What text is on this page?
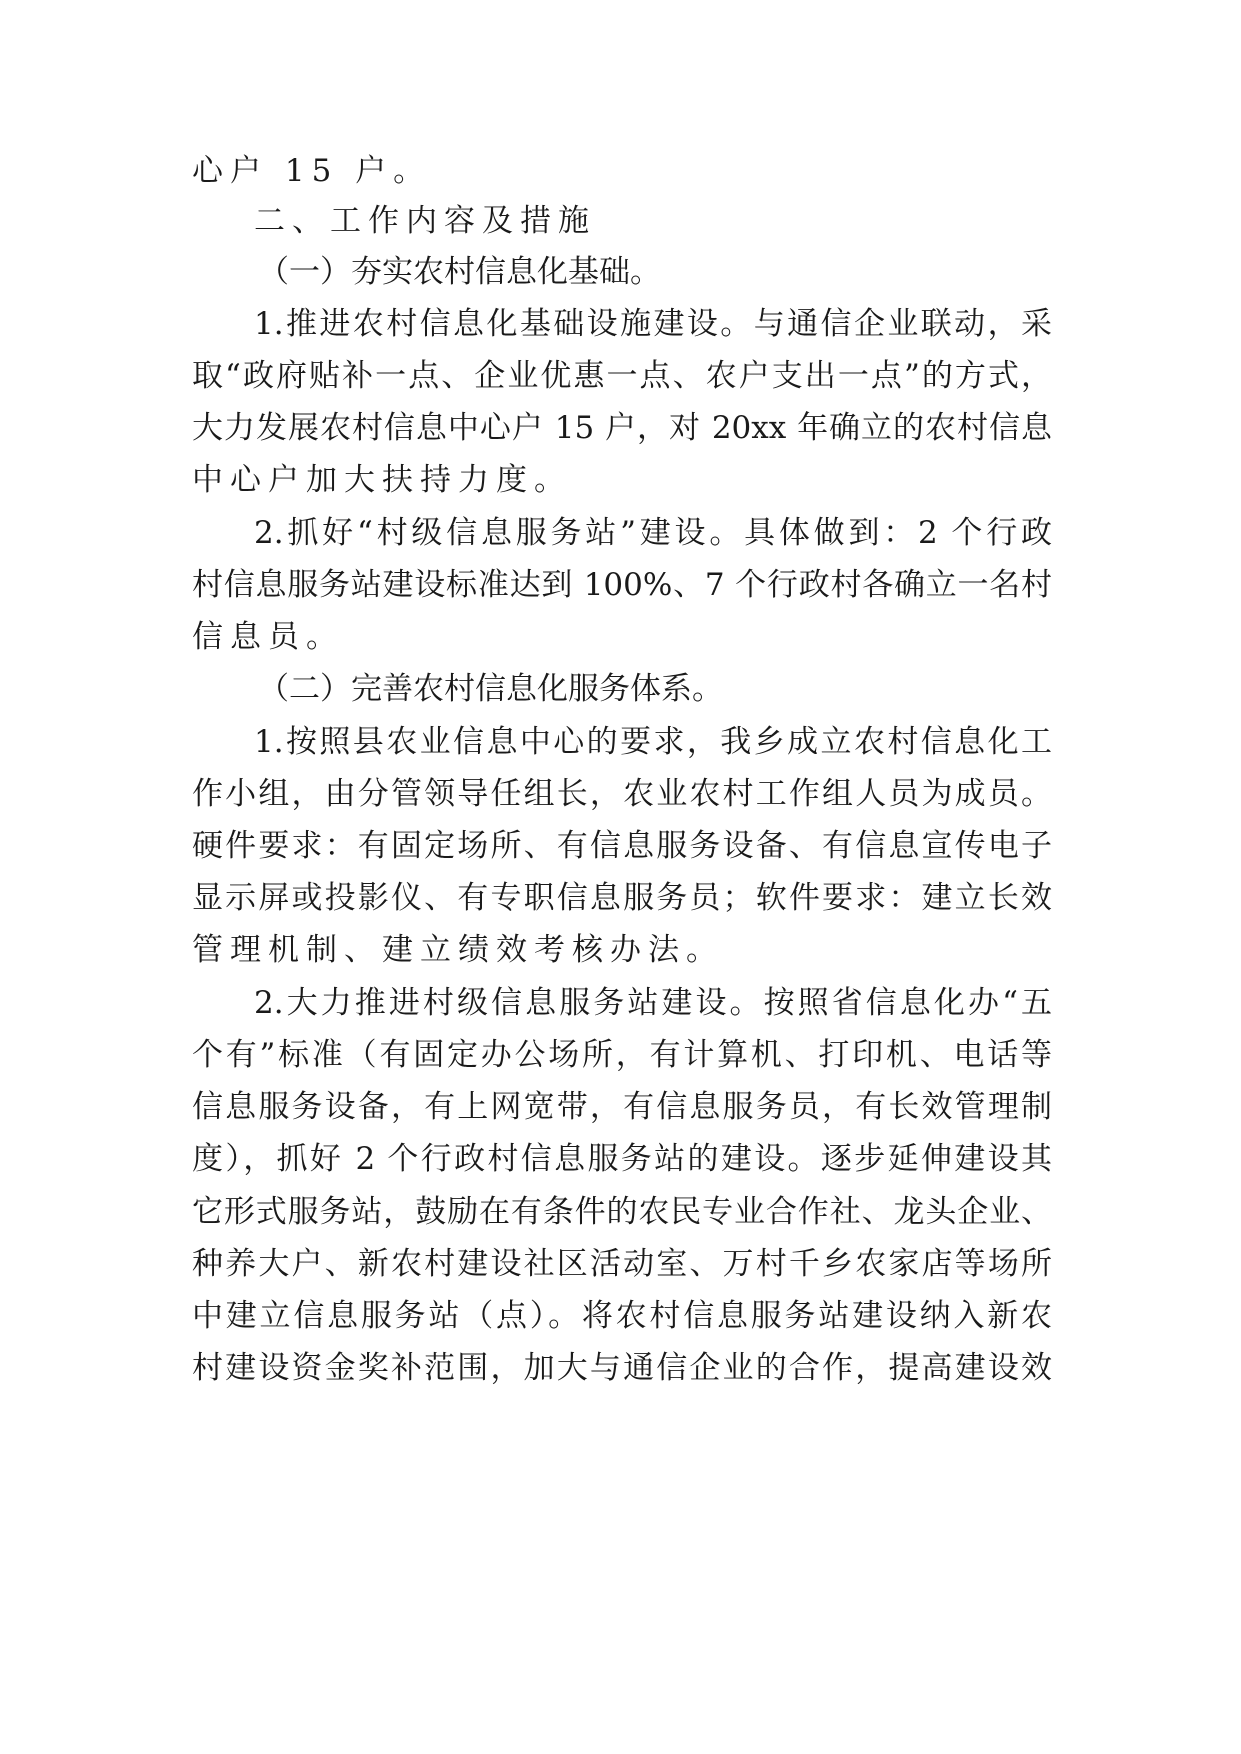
心户 15 户。
二、工作内容及措施
（一）夯实农村信息化基础。
1.推进农村信息化基础设施建设。与通信企业联动，采
取“政府贴补一点、企业优惠一点、农户支出一点”的方式，
大力发展农村信息中心户 15 户，对 20xx 年确立的农村信息
中心户加大扶持力度。
2.抓好“村级信息服务站”建设。具体做到：2 个行政
村信息服务站建设标准达到 100%、7 个行政村各确立一名村
信息员。
（二）完善农村信息化服务体系。
1.按照县农业信息中心的要求，我乡成立农村信息化工
作小组，由分管领导任组长，农业农村工作组人员为成员。
硬件要求：有固定场所、有信息服务设备、有信息宣传电子
显示屏或投影仪、有专职信息服务员；软件要求：建立长效
管理机制、建立绩效考核办法。
2.大力推进村级信息服务站建设。按照省信息化办“五
个有”标准（有固定办公场所，有计算机、打印机、电话等
信息服务设备，有上网宽带，有信息服务员，有长效管理制
度），抓好 2 个行政村信息服务站的建设。逐步延伸建设其
它形式服务站，鼓励在有条件的农民专业合作社、龙头企业、
种养大户、新农村建设社区活动室、万村千乡农家店等场所
中建立信息服务站（点）。将农村信息服务站建设纳入新农
村建设资金奖补范围，加大与通信企业的合作，提高建设效
